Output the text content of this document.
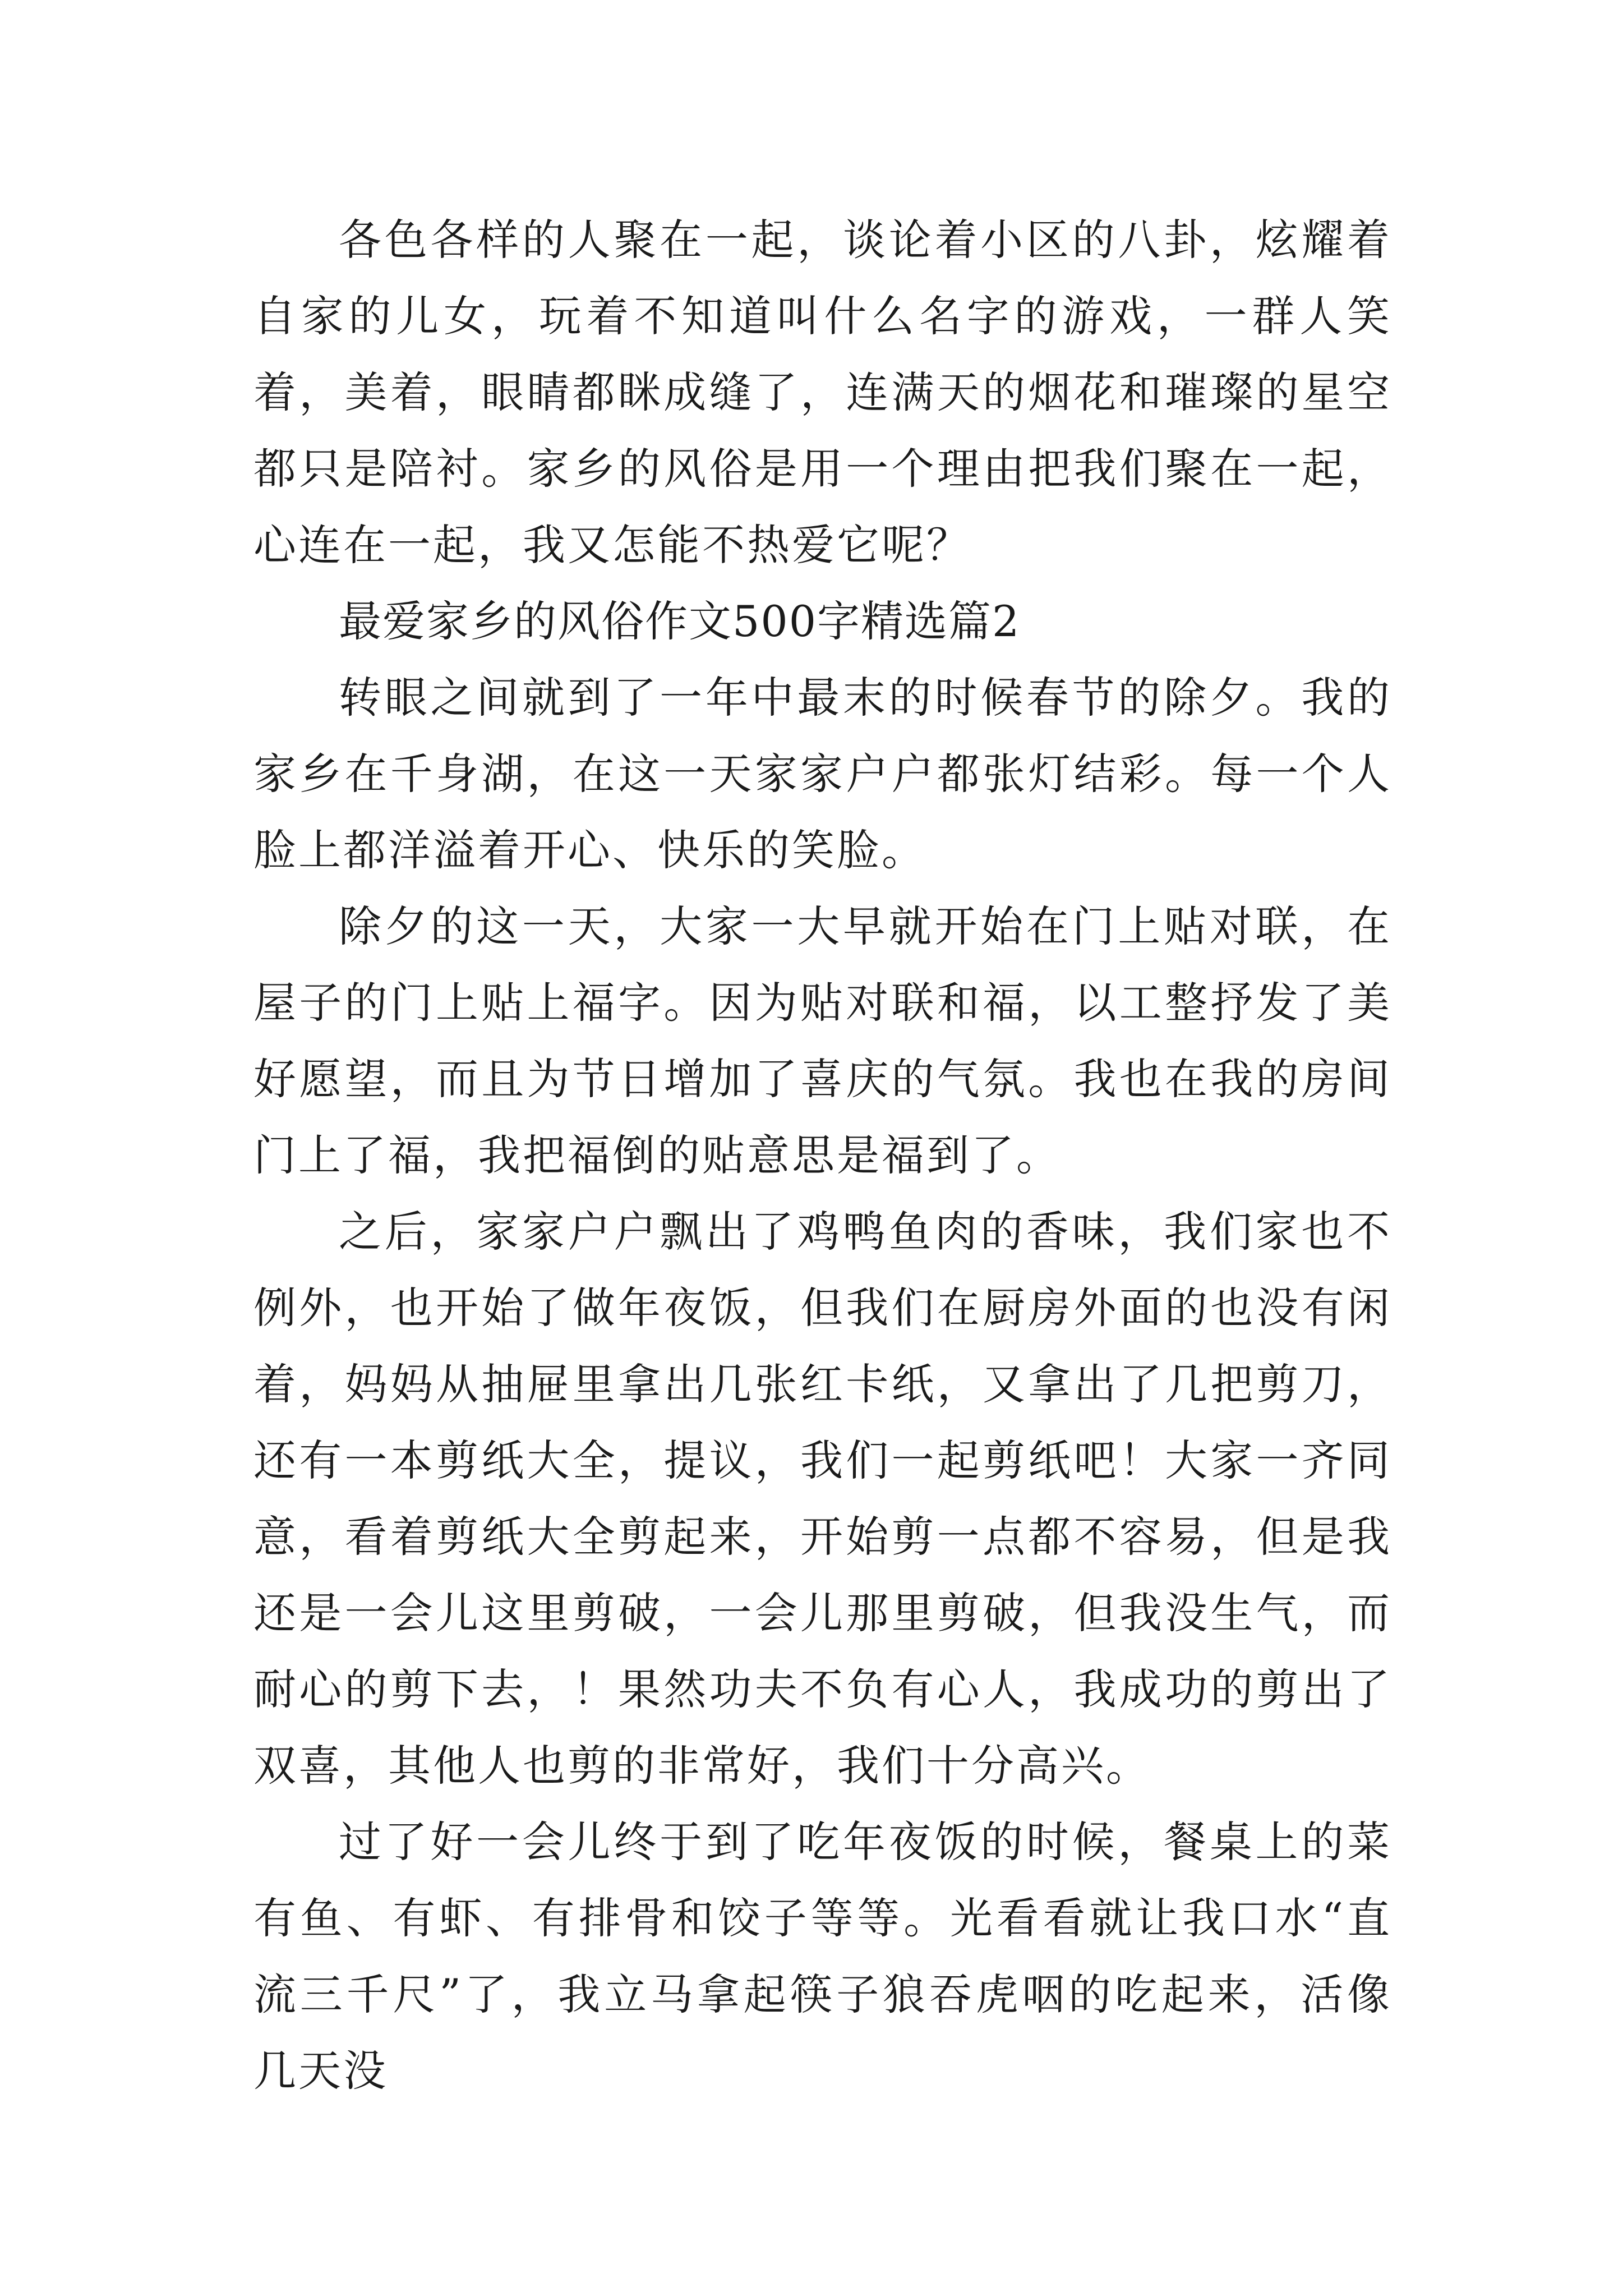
各色各样的人聚在一起，谈论着小区的八卦，炫耀着自家的儿女，玩着不知道叫什么名字的游戏，一群人笑着，美着，眼睛都眯成缝了，连满天的烟花和璀璨的星空都只是陪衬。家乡的风俗是用一个理由把我们聚在一起，心连在一起，我又怎能不热爱它呢？

最爱家乡的风俗作文500字精选篇2

转眼之间就到了一年中最末的时候春节的除夕。我的家乡在千身湖，在这一天家家户户都张灯结彩。每一个人脸上都洋溢着开心、快乐的笑脸。

除夕的这一天，大家一大早就开始在门上贴对联，在屋子的门上贴上福字。因为贴对联和福，以工整抒发了美好愿望，而且为节日增加了喜庆的气氛。我也在我的房间门上了福，我把福倒的贴意思是福到了。

之后，家家户户飘出了鸡鸭鱼肉的香味，我们家也不例外，也开始了做年夜饭，但我们在厨房外面的也没有闲着，妈妈从抽屉里拿出几张红卡纸，又拿出了几把剪刀，还有一本剪纸大全，提议，我们一起剪纸吧！大家一齐同意，看着剪纸大全剪起来，开始剪一点都不容易，但是我还是一会儿这里剪破，一会儿那里剪破，但我没生气，而耐心的剪下去，！果然功夫不负有心人，我成功的剪出了双喜，其他人也剪的非常好，我们十分高兴。

过了好一会儿终于到了吃年夜饭的时候，餐桌上的菜有鱼、有虾、有排骨和饺子等等。光看看就让我口水“直流三千尺”了，我立马拿起筷子狼吞虎咽的吃起来，活像几天没
